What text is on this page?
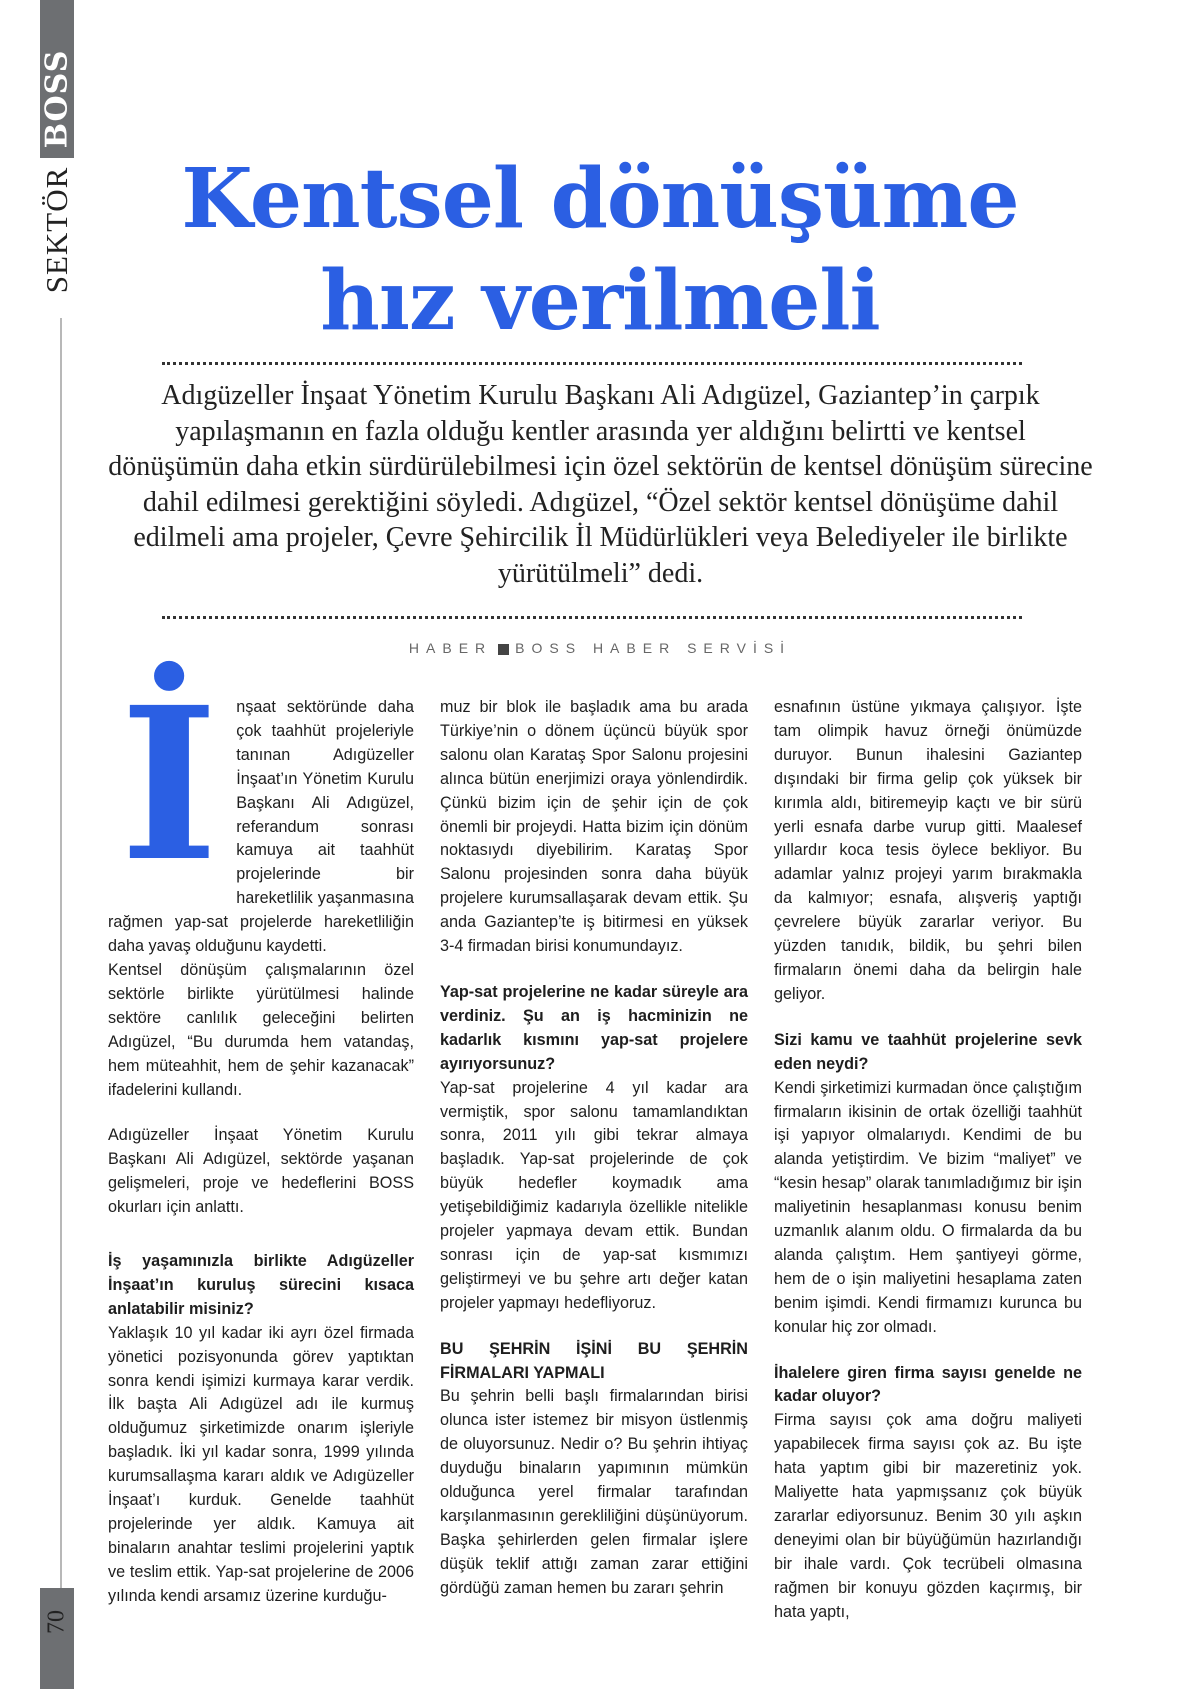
BOSS
SEKTÖR
70
Kentsel dönüşüme
hız verilmeli
Adıgüzeller İnşaat Yönetim Kurulu Başkanı Ali Adıgüzel, Gaziantep’in çarpık yapılaşmanın en fazla olduğu kentler arasında yer aldığını belirtti ve kentsel dönüşümün daha etkin sürdürülebilmesi için özel sektörün de kentsel dönüşüm sürecine dahil edilmesi gerektiğini söyledi. Adıgüzel, “Özel sektör kentsel dönüşüme dahil edilmeli ama projeler, Çevre Şehircilik İl Müdürlükleri veya Belediyeler ile birlikte yürütülmeli” dedi.
HABER BOSS HABER SERVİSİ
İ	nşaat sektöründe daha çok taahhüt projeleriyle tanınan Adıgüzeller İnşaat’ın Yönetim Kurulu Başkanı Ali Adıgüzel, referandum sonrası kamuya ait taahhüt projelerinde bir hareketlilik yaşanmasına rağmen yap-sat projelerde hareketliliğin daha yavaş olduğunu kaydetti.

Kentsel dönüşüm çalışmalarının özel sektörle birlikte yürütülmesi halinde sektöre canlılık geleceğini belirten Adıgüzel, “Bu durumda hem vatandaş, hem müteahhit, hem de şehir kazanacak” ifadelerini kullandı.

Adıgüzeller İnşaat Yönetim Kurulu Başkanı Ali Adıgüzel, sektörde yaşanan gelişmeleri, proje ve hedeflerini BOSS okurları için anlattı.

İş yaşamınızla birlikte Adıgüzeller İnşaat’ın kuruluş sürecini kısaca anlatabilir misiniz?

Yaklaşık 10 yıl kadar iki ayrı özel firmada yönetici pozisyonunda görev yaptıktan sonra kendi işimizi kurmaya karar verdik. İlk başta Ali Adıgüzel adı ile kurmuş olduğumuz şirketimizde onarım işleriyle başladık. İki yıl kadar sonra, 1999 yılında kurumsallaşma kararı aldık ve Adıgüzeller İnşaat’ı kurduk. Genelde taahhüt projelerinde yer aldık. Kamuya ait binaların anahtar teslimi projelerini yaptık ve teslim ettik. Yap-sat projelerine de 2006 yılında kendi arsamız üzerine kurduğu-

muz bir blok ile başladık ama bu arada Türkiye’nin o dönem üçüncü büyük spor salonu olan Karataş Spor Salonu projesini alınca bütün enerjimizi oraya yönlendirdik. Çünkü bizim için de şehir için de çok önemli bir projeydi. Hatta bizim için dönüm noktasıydı diyebilirim. Karataş Spor Salonu projesinden sonra daha büyük projelere kurumsallaşarak devam ettik. Şu anda Gaziantep’te iş bitirmesi en yüksek 3-4 firmadan birisi konumundayız.

Yap-sat projelerine ne kadar süreyle ara verdiniz. Şu an iş hacminizin ne kadarlık kısmını yap-sat projelere ayırıyorsunuz?

Yap-sat projelerine 4 yıl kadar ara vermiştik, spor salonu tamamlandıktan sonra, 2011 yılı gibi tekrar almaya başladık. Yap-sat projelerinde de çok büyük hedefler koymadık ama yetişebildiğimiz kadarıyla özellikle nitelikle projeler yapmaya devam ettik. Bundan sonrası için de yap-sat kısmımızı geliştirmeyi ve bu şehre artı değer katan projeler yapmayı hedefliyoruz.

BU ŞEHRİN İŞİNİ BU ŞEHRİN FİRMALARI YAPMALI

Bu şehrin belli başlı firmalarından birisi olunca ister istemez bir misyon üstlenmiş de oluyorsunuz. Nedir o? Bu şehrin ihtiyaç duyduğu binaların yapımının mümkün olduğunca yerel firmalar tarafından karşılanmasının gerekliliğini düşünüyorum. Başka şehirlerden gelen firmalar işlere düşük teklif attığı zaman zarar ettiğini gördüğü zaman hemen bu zararı şehrin

esnafının üstüne yıkmaya çalışıyor. İşte tam olimpik havuz örneği önümüzde duruyor. Bunun ihalesini Gaziantep dışındaki bir firma gelip çok yüksek bir kırımla aldı, bitiremeyip kaçtı ve bir sürü yerli esnafa darbe vurup gitti. Maalesef yıllardır koca tesis öylece bekliyor. Bu adamlar yalnız projeyi yarım bırakmakla da kalmıyor; esnafa, alışveriş yaptığı çevrelere büyük zararlar veriyor. Bu yüzden tanıdık, bildik, bu şehri bilen firmaların önemi daha da belirgin hale geliyor.

Sizi kamu ve taahhüt projelerine sevk eden neydi?

Kendi şirketimizi kurmadan önce çalıştığım firmaların ikisinin de ortak özelliği taahhüt işi yapıyor olmalarıydı. Kendimi de bu alanda yetiştirdim. Ve bizim “maliyet” ve “kesin hesap” olarak tanımladığımız bir işin maliyetinin hesaplanması konusu benim uzmanlık alanım oldu. O firmalarda da bu alanda çalıştım. Hem şantiyeyi görme, hem de o işin maliyetini hesaplama zaten benim işimdi. Kendi firmamızı kurunca bu konular hiç zor olmadı.

İhalelere giren firma sayısı genelde ne kadar oluyor?

Firma sayısı çok ama doğru maliyeti yapabilecek firma sayısı çok az. Bu işte hata yaptım gibi bir mazeretiniz yok. Maliyette hata yapmışsanız çok büyük zararlar ediyorsunuz. Benim 30 yılı aşkın deneyimi olan bir büyüğümün hazırlandığı bir ihale vardı. Çok tecrübeli olmasına rağmen bir konuyu gözden kaçırmış, bir hata yaptı,
